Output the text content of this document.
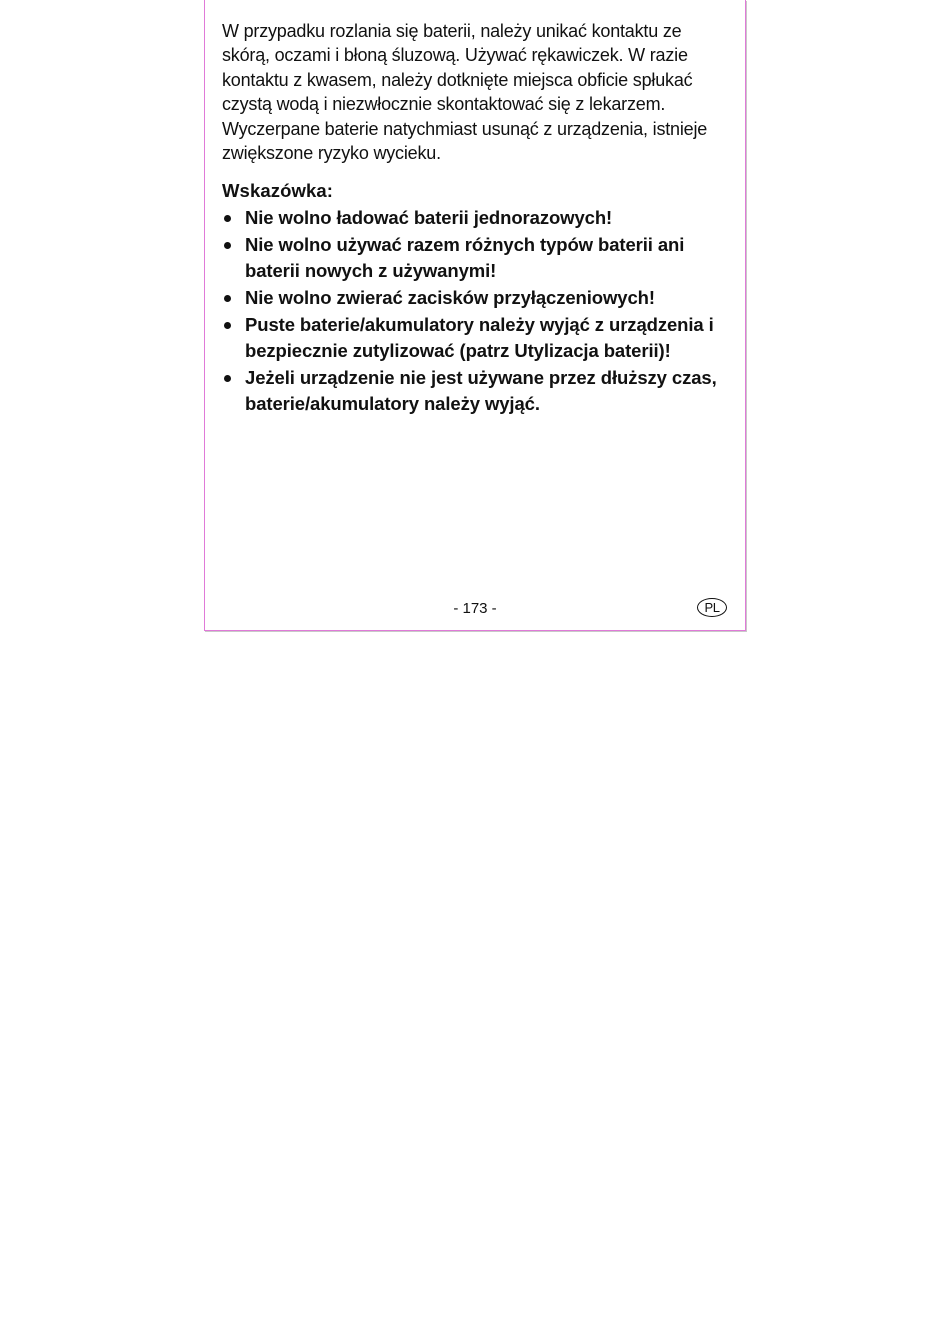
W przypadku rozlania się baterii, należy unikać kontaktu ze
skórą, oczami i błoną śluzową. Używać rękawiczek. W razie
kontaktu z kwasem, należy dotknięte miejsca obficie spłukać
czystą wodą i niezwłocznie skontaktować się z lekarzem.
Wyczerpane baterie natychmiast usunąć z urządzenia, istnieje
zwiększone ryzyko wycieku.

Wskazówka:
Nie wolno ładować baterii jednorazowych!
Nie wolno używać razem różnych typów baterii ani
baterii nowych z używanymi!
Nie wolno zwierać zacisków przyłączeniowych!
Puste baterie/akumulatory należy wyjąć z urządzenia i
bezpiecznie zutylizować (patrz Utylizacja baterii)!
Jeżeli urządzenie nie jest używane przez dłuższy czas,
baterie/akumulatory należy wyjąć.
- 173 -	PL
